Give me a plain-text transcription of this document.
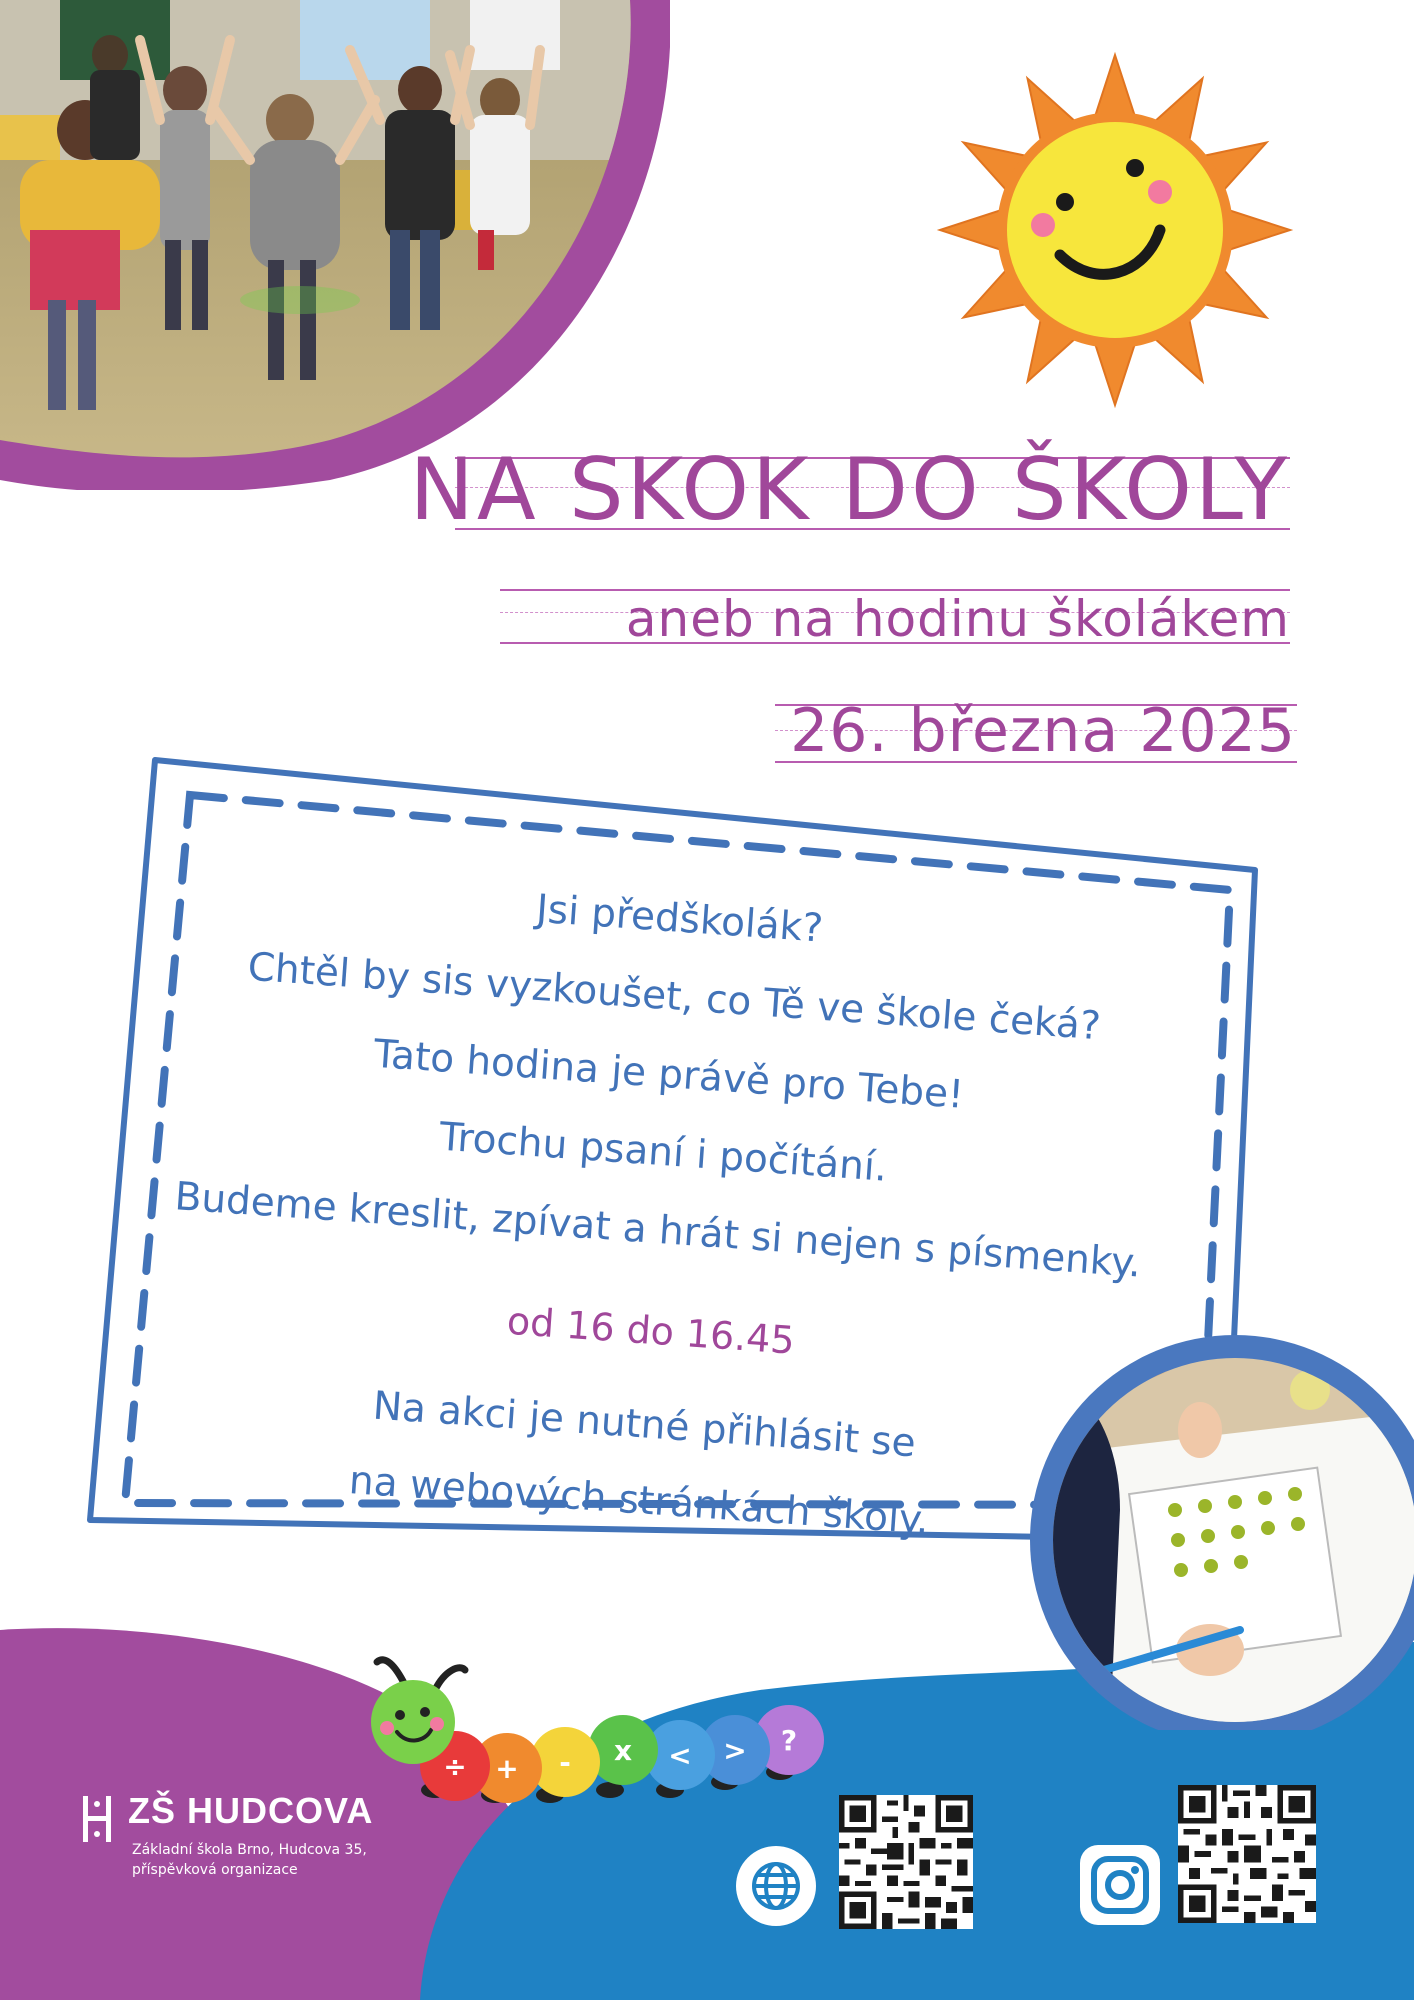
NA SKOK DO ŠKOLY
aneb na hodinu školákem
26. března 2025
Jsi předškolák?
Chtěl by sis vyzkoušet, co Tě ve škole čeká?
Tato hodina je právě pro Tebe!
Trochu psaní i počítání.
Budeme kreslit, zpívat a hrát si nejen s písmenky.
od 16 do 16.45
Na akci je nutné přihlásit se
na webových stránkách školy.
÷ + - x < > ?
ZŠ HUDCOVA
Základní škola Brno, Hudcova 35,
příspěvková organizace
